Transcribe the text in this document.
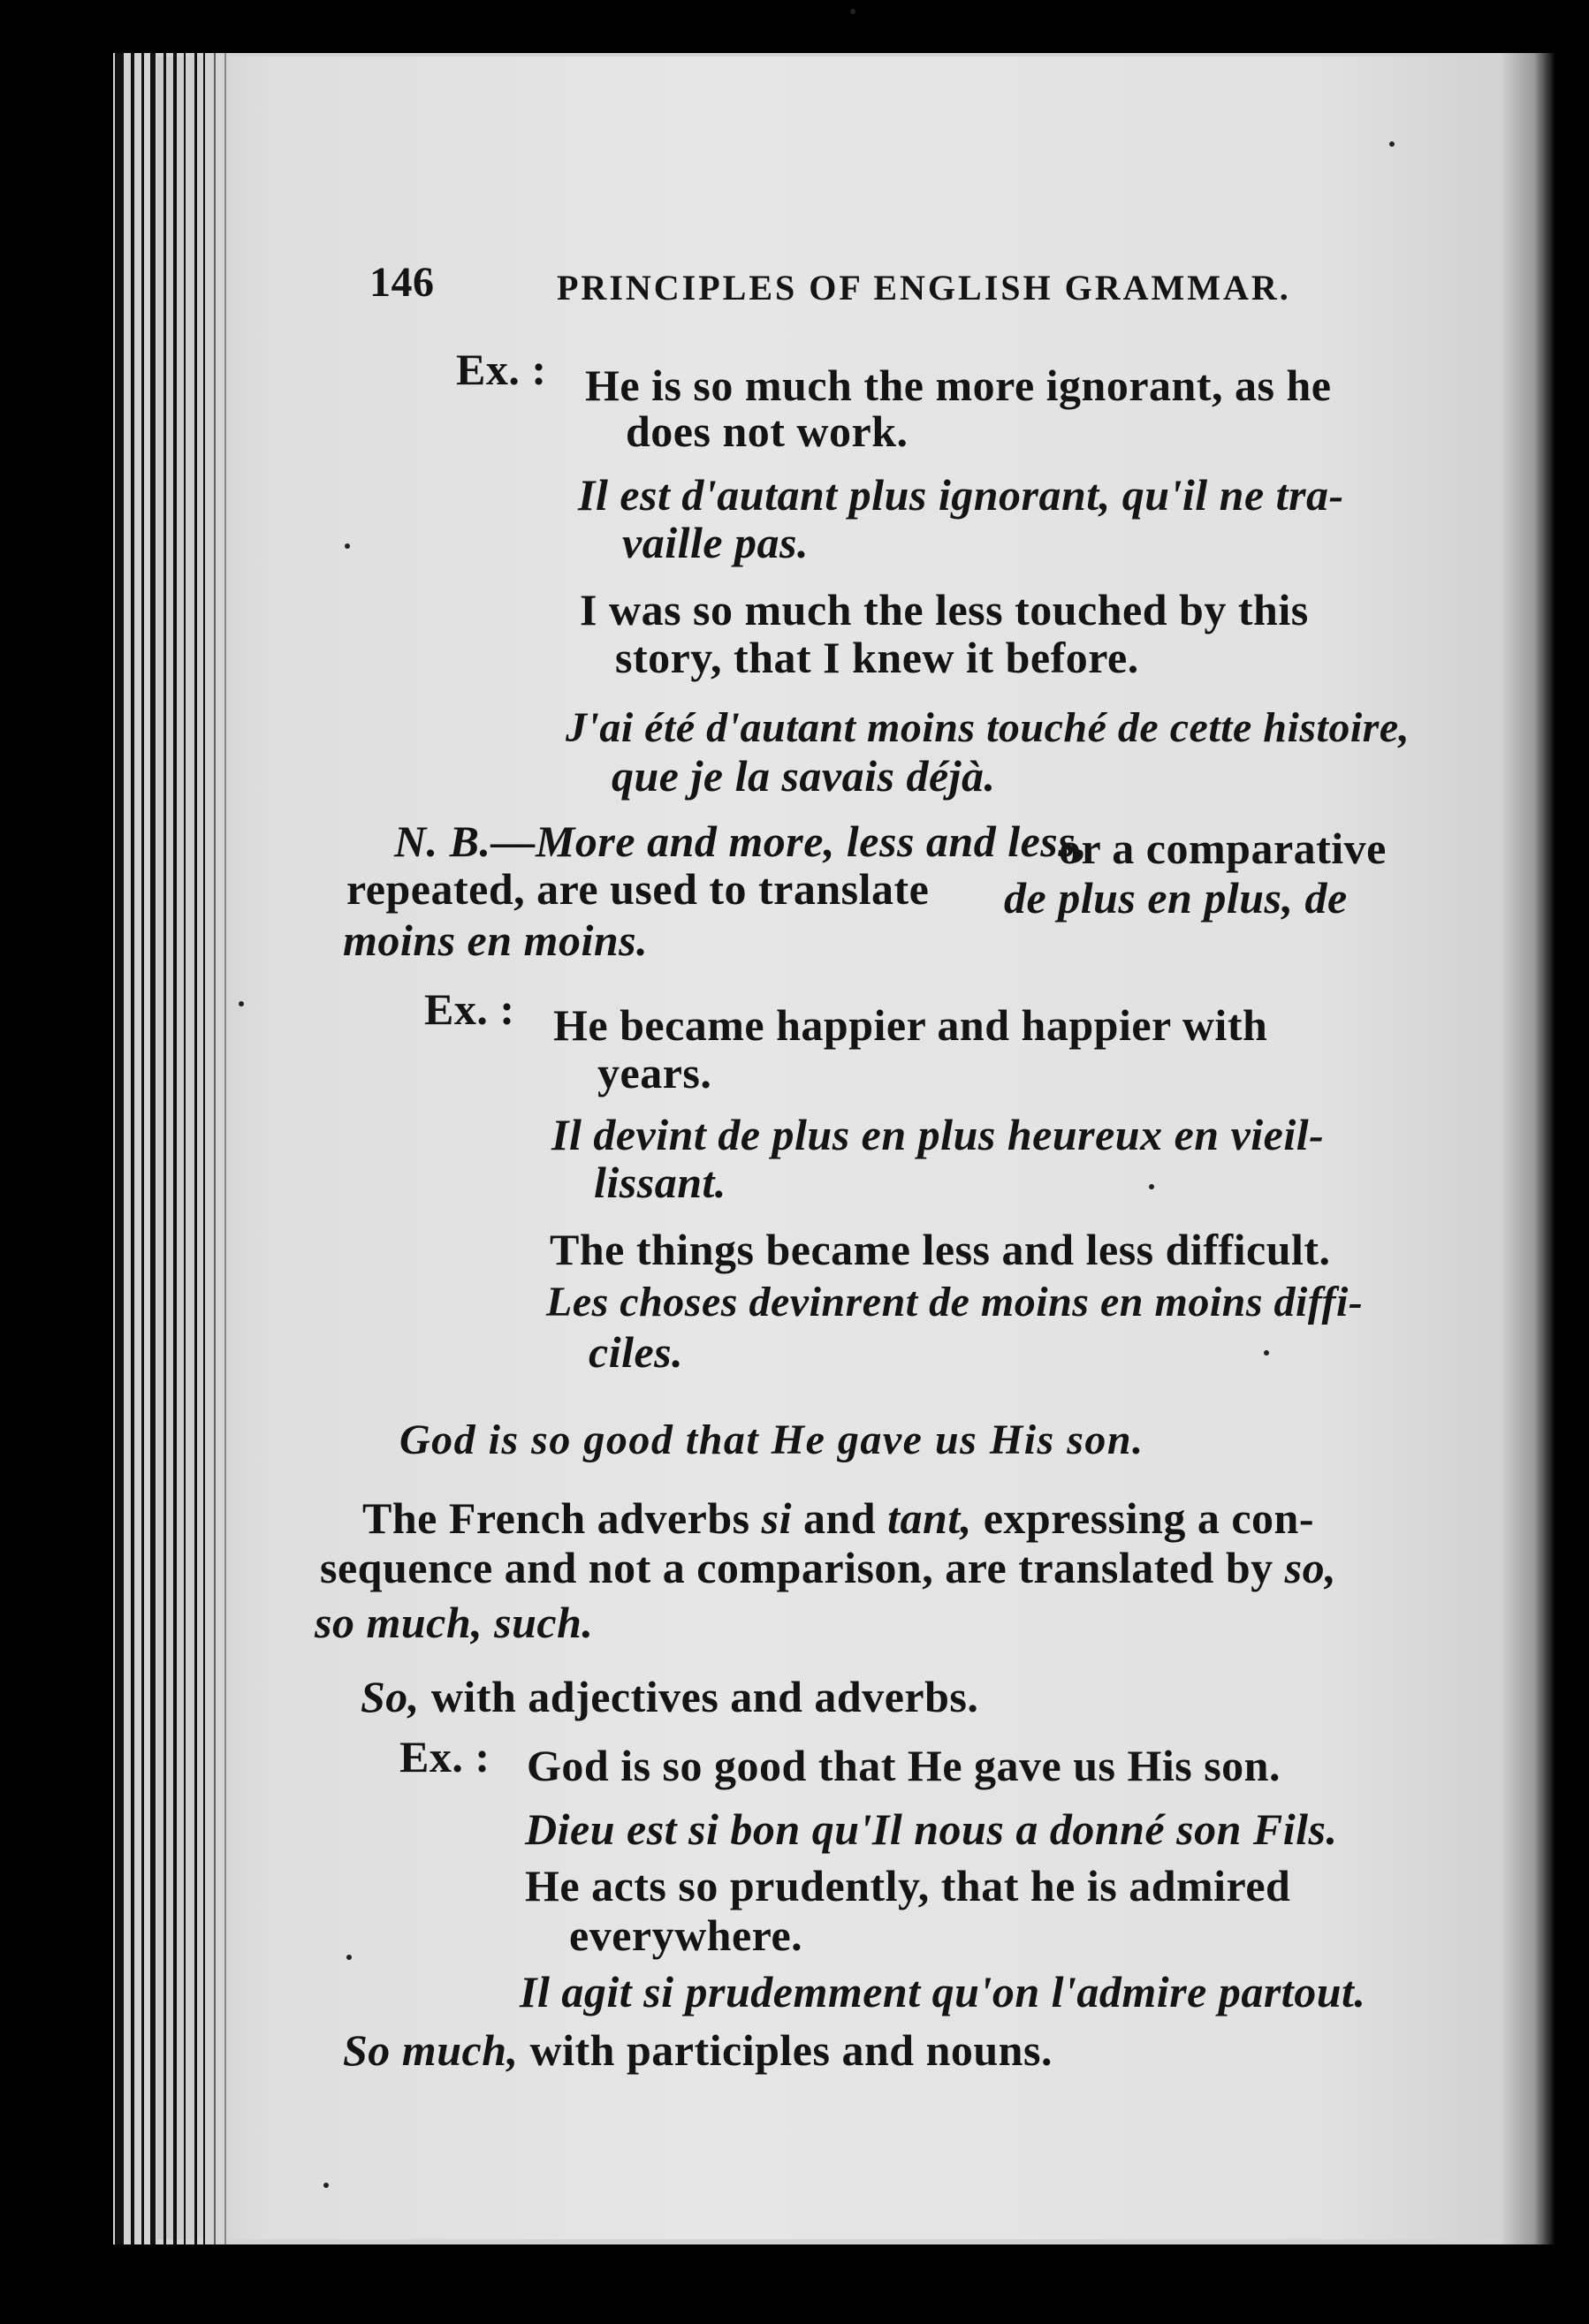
146	PRINCIPLES OF ENGLISH GRAMMAR.
Ex. : He is so much the more ignorant, as he
does not work.
Il est d'autant plus ignorant, qu'il ne tra-
vaille pas.
I was so much the less touched by this
story, that I knew it before.
J'ai été d'autant moins touché de cette histoire,
que je la savais déjà.
N. B.—More and more, less and less,
or a comparative
repeated, are used to translate de plus en plus, de
moins en moins.
Ex. : He became happier and happier with
years.
Il devint de plus en plus heureux en vieil-
lissant.
The things became less and less difficult.
Les choses devinrent de moins en moins diffi-
ciles.
God is so good that He gave us His son.
The French adverbs si and tant, expressing a con-
sequence and not a comparison, are translated by so,
so much, such.
So, with adjectives and adverbs.
Ex. : God is so good that He gave us His son.
Dieu est si bon qu'Il nous a donné son Fils.
He acts so prudently, that he is admired
everywhere.
Il agit si prudemment qu'on l'admire partout.
So much, with participles and nouns.
